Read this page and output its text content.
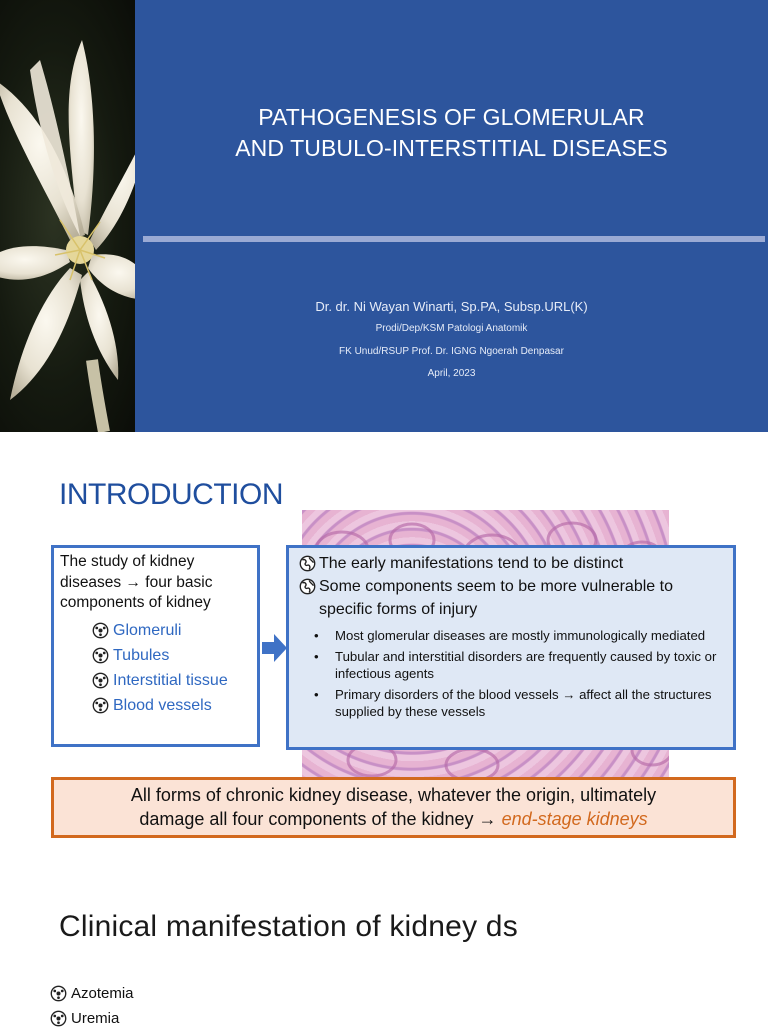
PATHOGENESIS OF GLOMERULAR
AND TUBULO-INTERSTITIAL DISEASES
Dr. dr. Ni Wayan Winarti, Sp.PA, Subsp.URL(K)
Prodi/Dep/KSM Patologi Anatomik
FK Unud/RSUP Prof. Dr. IGNG Ngoerah Denpasar
April, 2023
INTRODUCTION
The study of kidney diseases → four basic components of kidney
Glomeruli
Tubules
Interstitial tissue
Blood vessels
The early manifestations tend to be distinct
Some components seem to be more vulnerable to specific forms of injury
• Most glomerular diseases are mostly immunologically mediated
• Tubular and interstitial disorders are frequently caused by toxic or infectious agents
• Primary disorders of the blood vessels → affect all the structures supplied by these vessels
All forms of chronic kidney disease, whatever the origin, ultimately
damage all four components of the kidney → end-stage kidneys
Clinical manifestation of kidney ds
Azotemia
Uremia
